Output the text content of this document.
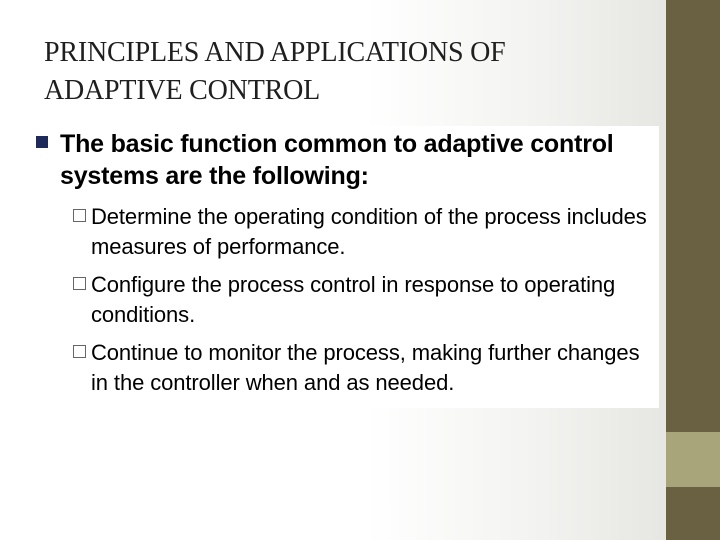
PRINCIPLES AND APPLICATIONS OF
ADAPTIVE CONTROL
The basic function common to adaptive control systems are the following:
Determine the operating condition of the process includes measures of performance.
Configure the process control in response to operating conditions.
Continue to monitor the process, making further changes in the controller when and as needed.
